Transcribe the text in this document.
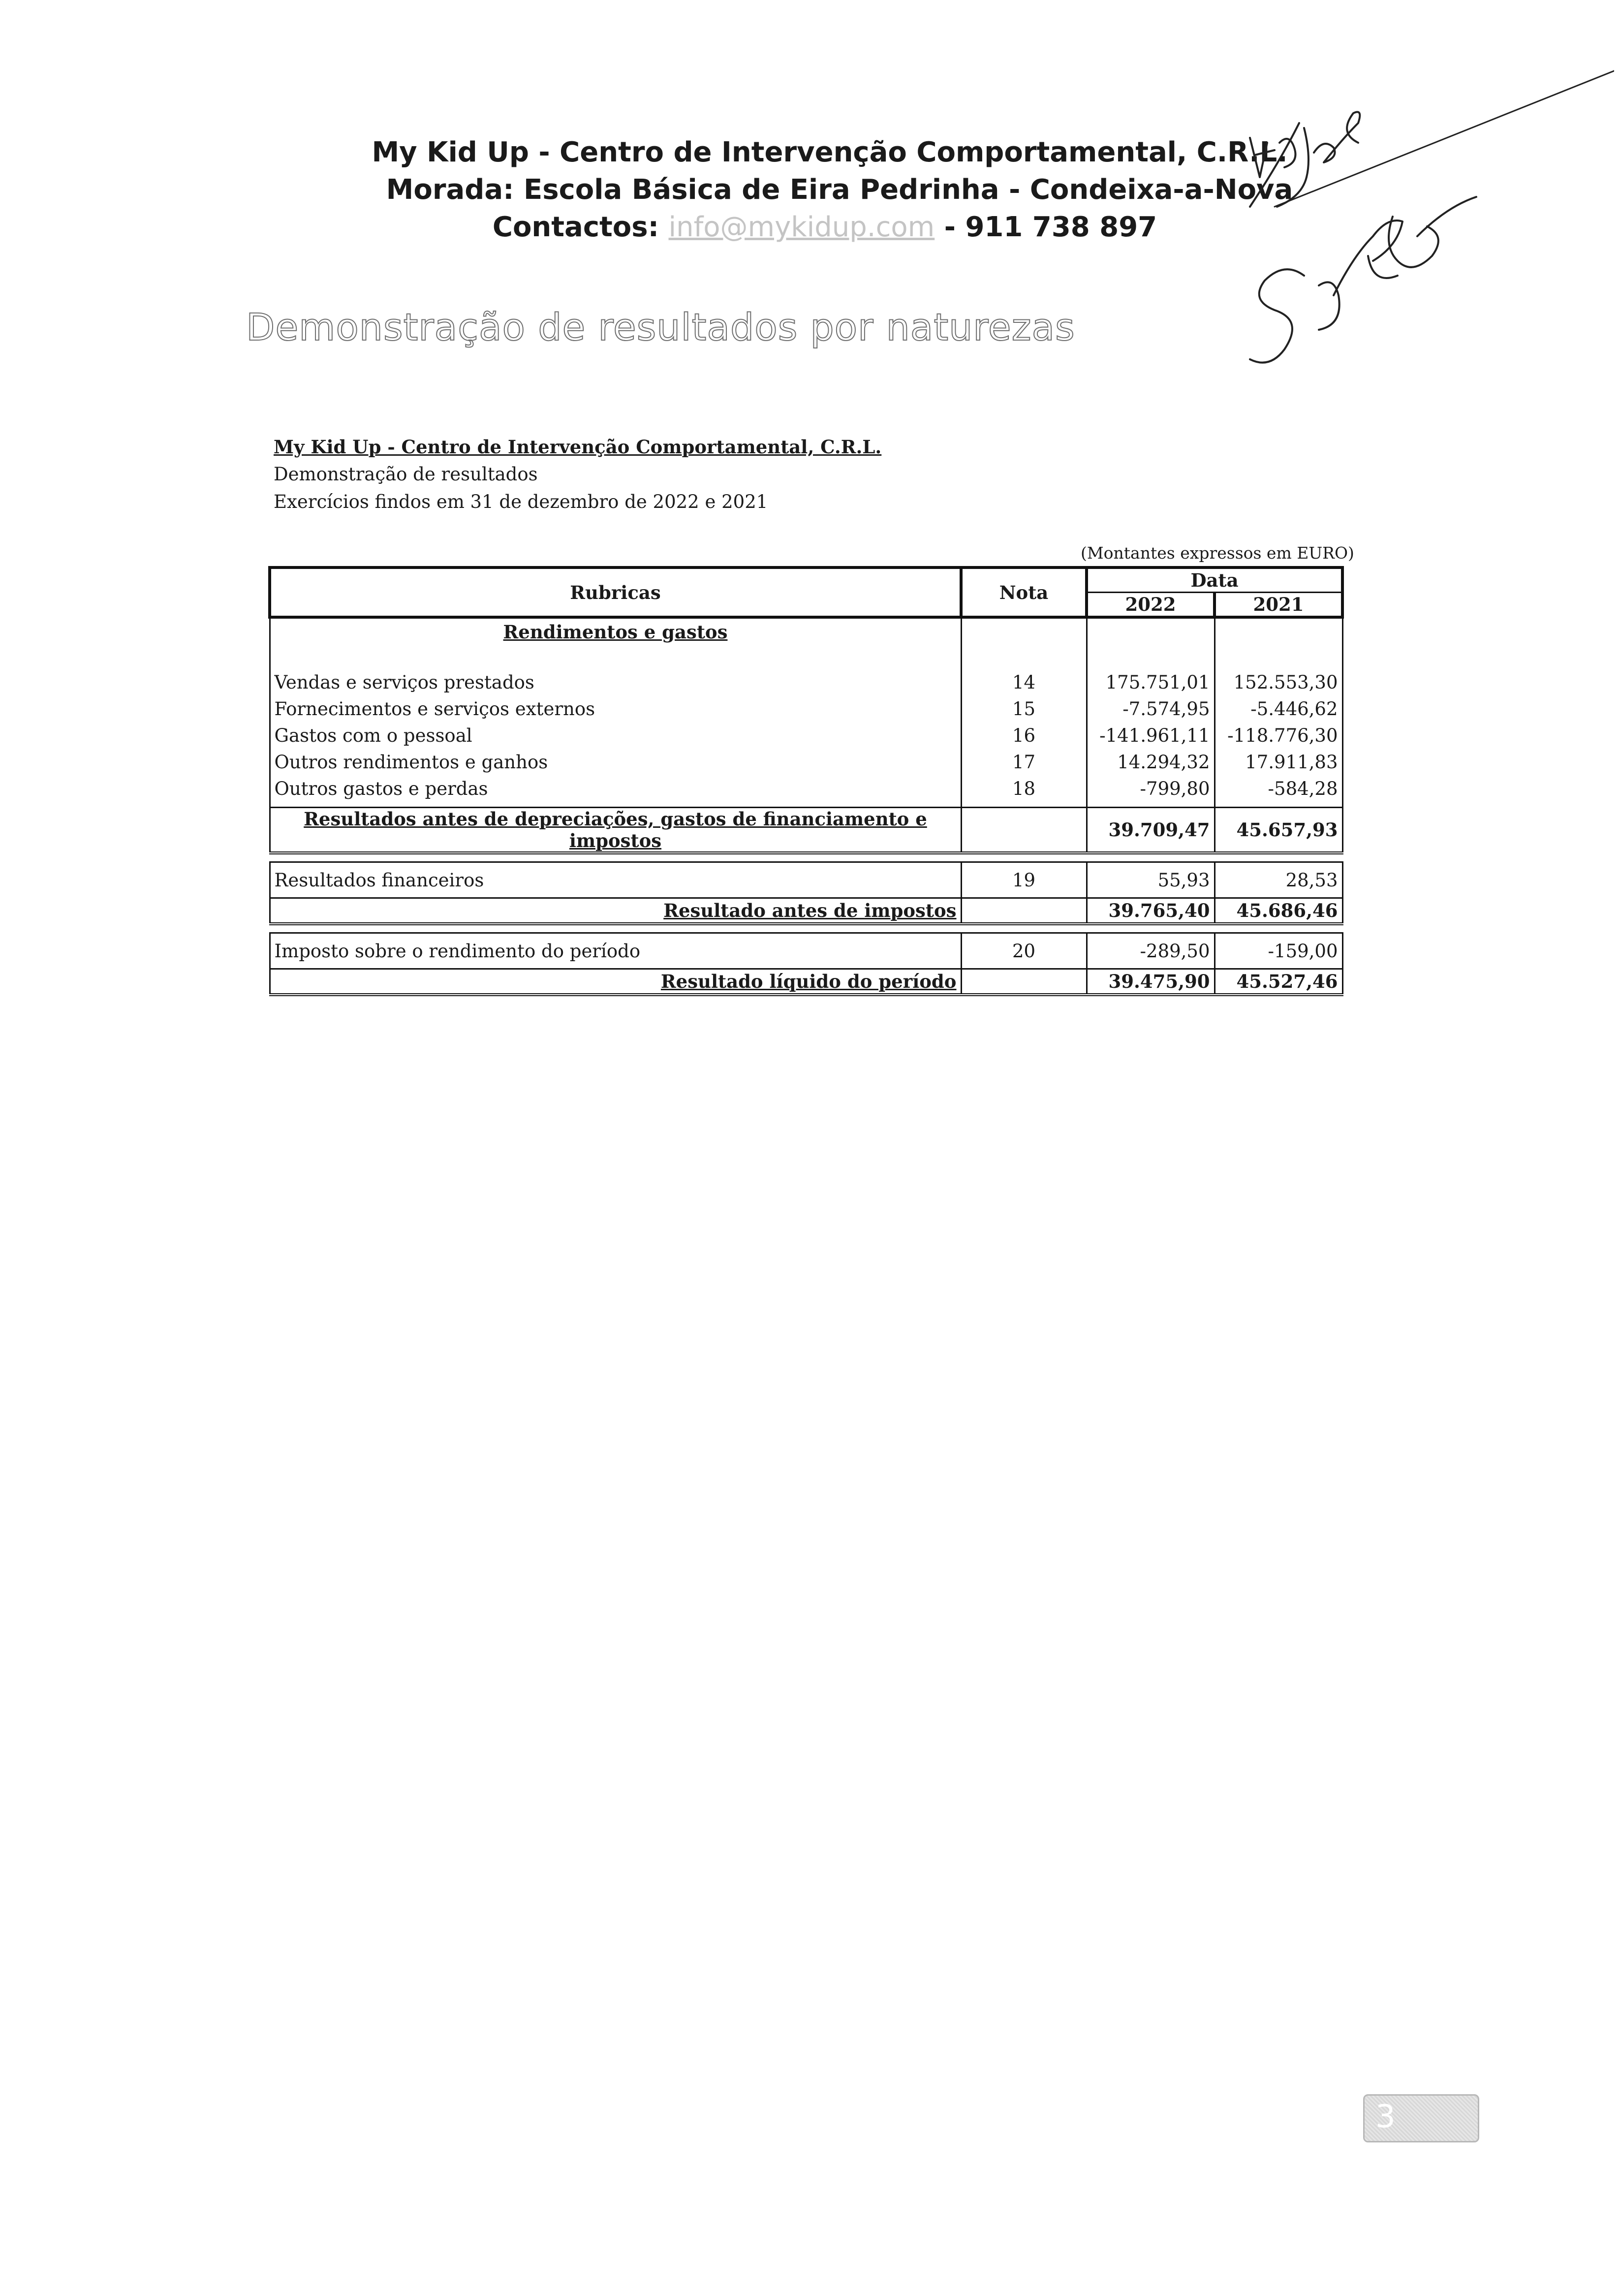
My Kid Up - Centro de Intervenção Comportamental, C.R.L.
Morada: Escola Básica de Eira Pedrinha - Condeixa-a-Nova
Contactos: info@mykidup.com - 911 738 897
Demonstração de resultados por naturezas
My Kid Up - Centro de Intervenção Comportamental, C.R.L.
Demonstração de resultados
Exercícios findos em 31 de dezembro de 2022 e 2021
(Montantes expressos em EURO)
Rubricas	Nota	Data	
		2022	2021
Rendimentos e gastos			

Vendas e serviços prestados	14	175.751,01	152.553,30
Fornecimentos e serviços externos	15	-7.574,95	-5.446,62
Gastos com o pessoal	16	-141.961,11	-118.776,30
Outros rendimentos e ganhos	17	14.294,32	17.911,83
Outros gastos e perdas	18	-799,80	-584,28
Resultados antes de depreciações, gastos de financiamento e impostos		39.709,47	45.657,93

Resultados financeiros	19	55,93	28,53
Resultado antes de impostos		39.765,40	45.686,46

Imposto sobre o rendimento do período	20	-289,50	-159,00
Resultado líquido do período		39.475,90	45.527,46
3
